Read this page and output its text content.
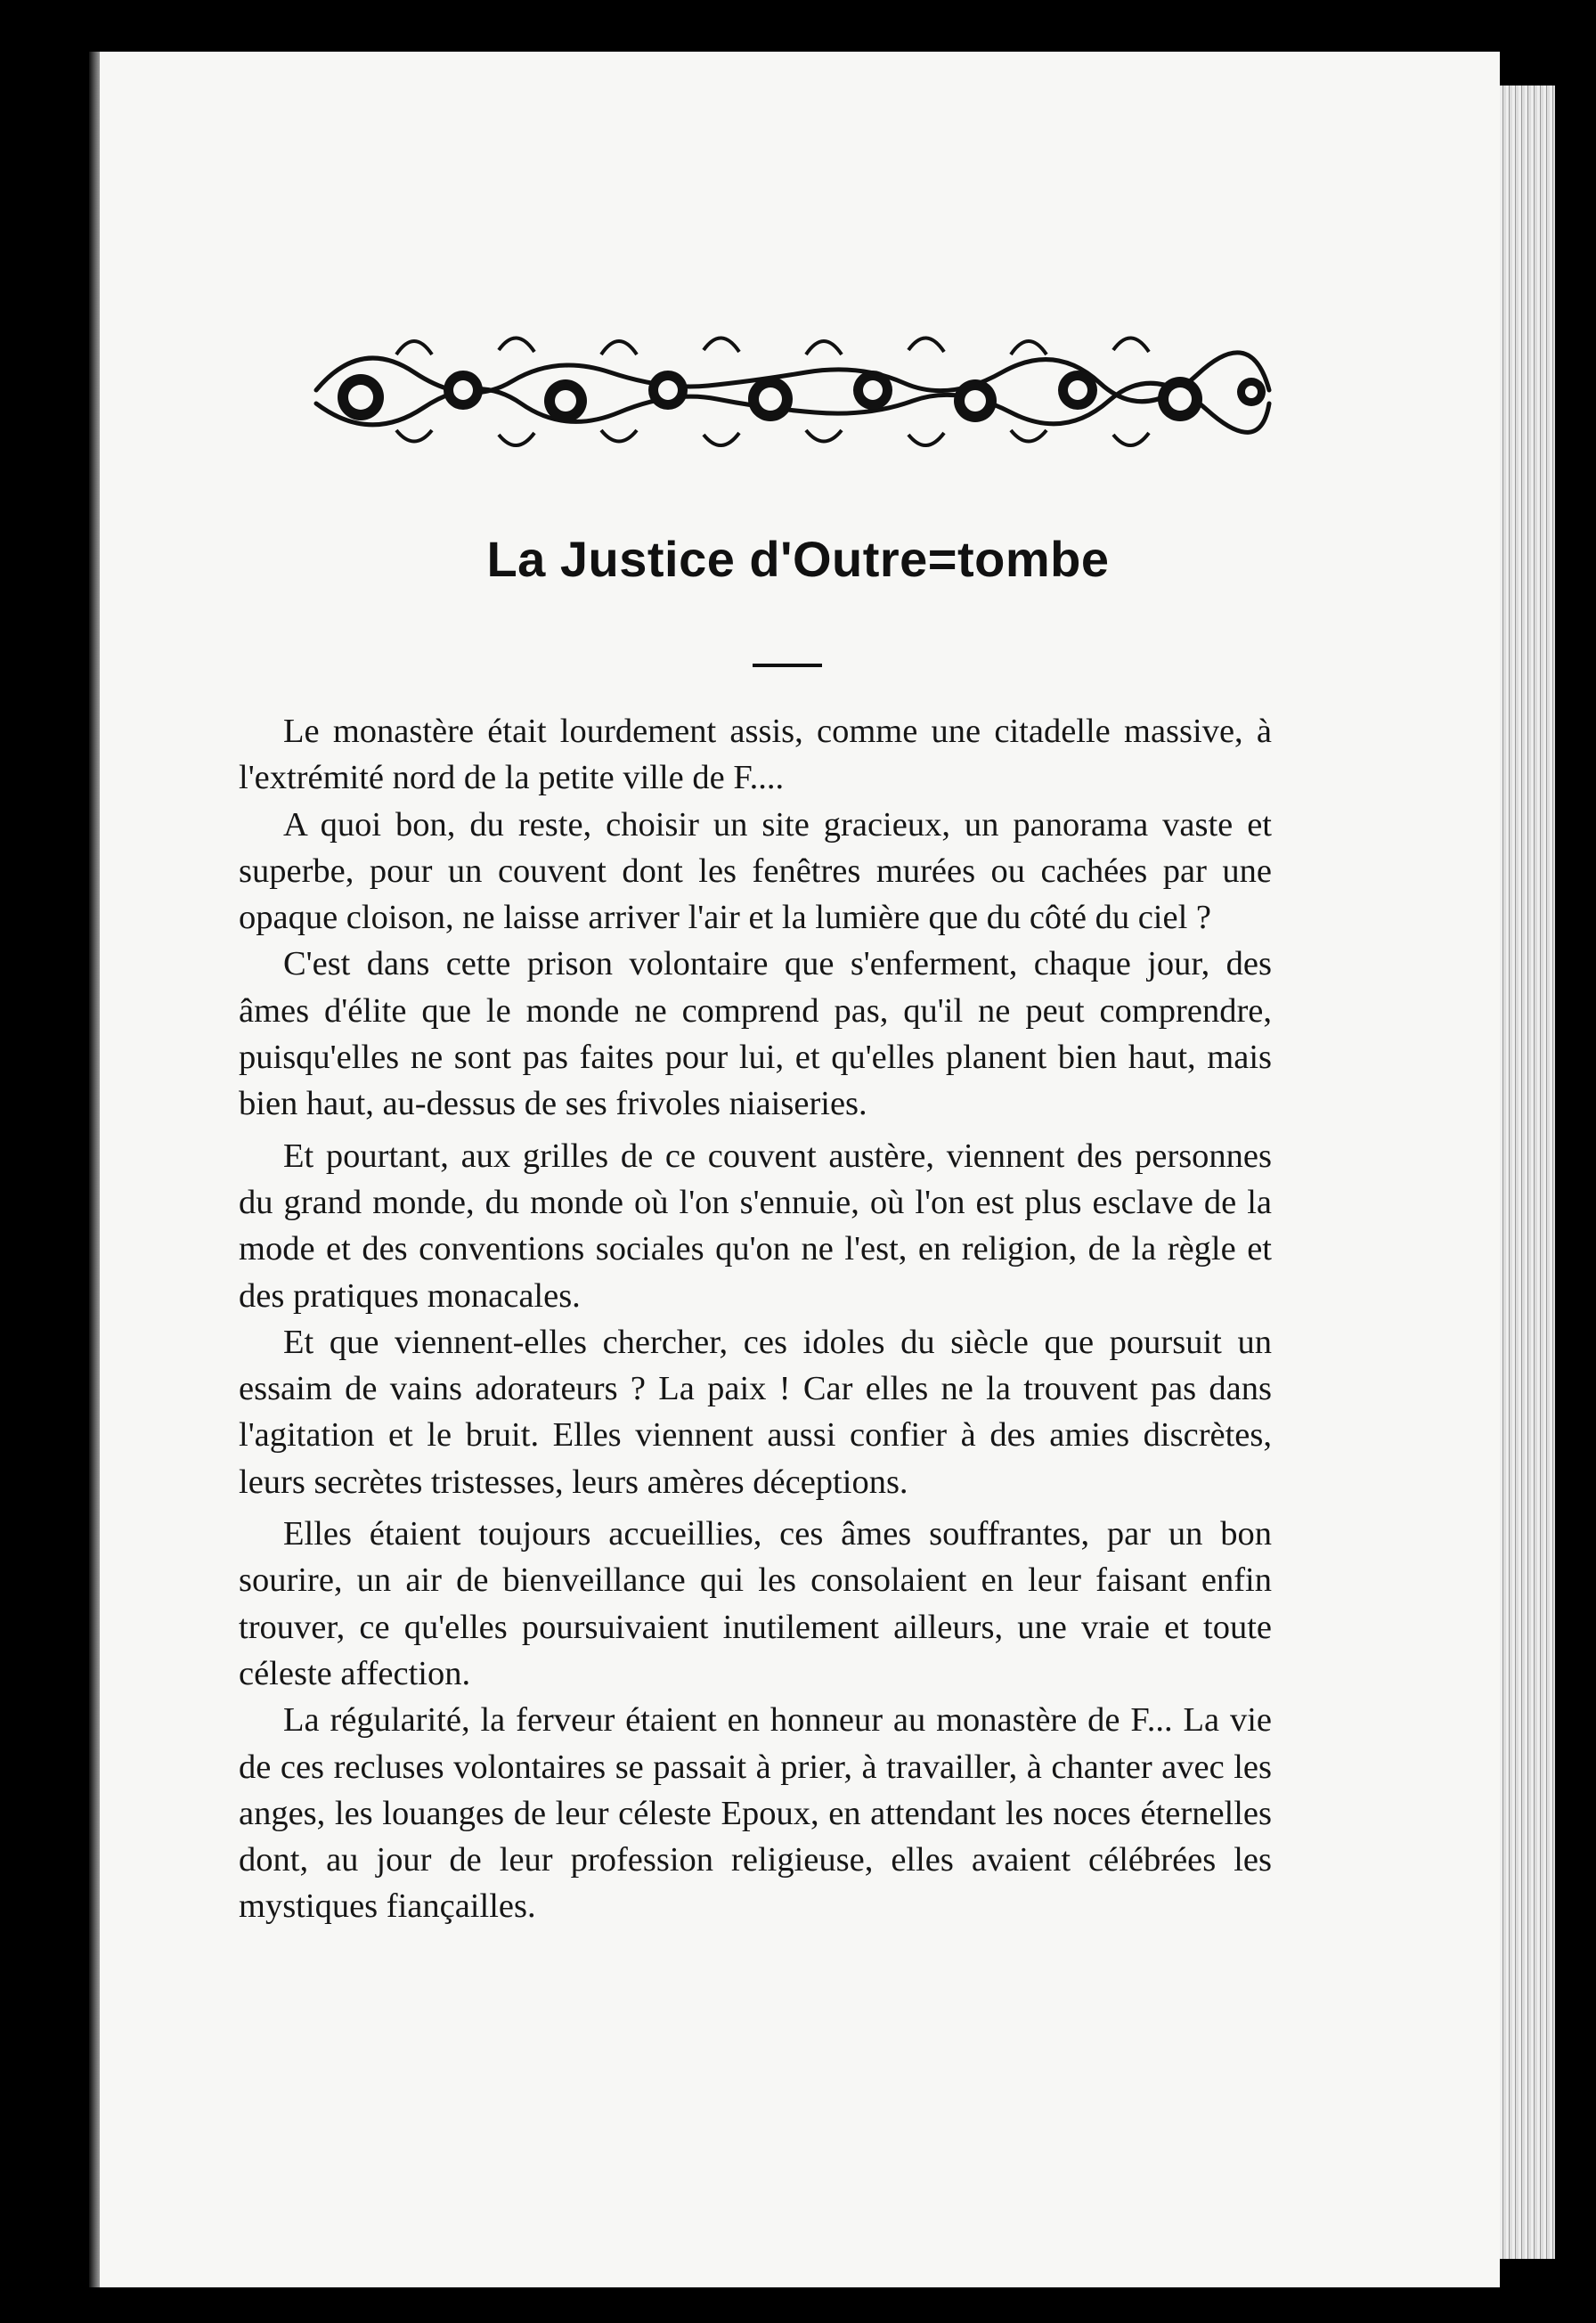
La Justice d'Outre=tombe

Le monastère était lourdement assis, comme une citadelle massive, à l'extrémité nord de la petite ville de F....

A quoi bon, du reste, choisir un site gracieux, un panorama vaste et superbe, pour un couvent dont les fenêtres murées ou cachées par une opaque cloison, ne laisse arriver l'air et la lumière que du côté du ciel ?

C'est dans cette prison volontaire que s'enferment, chaque jour, des âmes d'élite que le monde ne comprend pas, qu'il ne peut comprendre, puisqu'elles ne sont pas faites pour lui, et qu'elles planent bien haut, mais bien haut, au-dessus de ses frivoles niaiseries.

Et pourtant, aux grilles de ce couvent austère, viennent des personnes du grand monde, du monde où l'on s'ennuie, où l'on est plus esclave de la mode et des conventions sociales qu'on ne l'est, en religion, de la règle et des pratiques monacales.

Et que viennent-elles chercher, ces idoles du siècle que poursuit un essaim de vains adorateurs ? La paix ! Car elles ne la trouvent pas dans l'agitation et le bruit. Elles viennent aussi confier à des amies discrètes, leurs secrètes tristesses, leurs amères déceptions.

Elles étaient toujours accueillies, ces âmes souffrantes, par un bon sourire, un air de bienveillance qui les consolaient en leur faisant enfin trouver, ce qu'elles poursuivaient inutilement ailleurs, une vraie et toute céleste affection.

La régularité, la ferveur étaient en honneur au monastère de F... La vie de ces recluses volontaires se passait à prier, à travailler, à chanter avec les anges, les louanges de leur céleste Epoux, en attendant les noces éternelles dont, au jour de leur profession religieuse, elles avaient célébrées les mystiques fiançailles.
